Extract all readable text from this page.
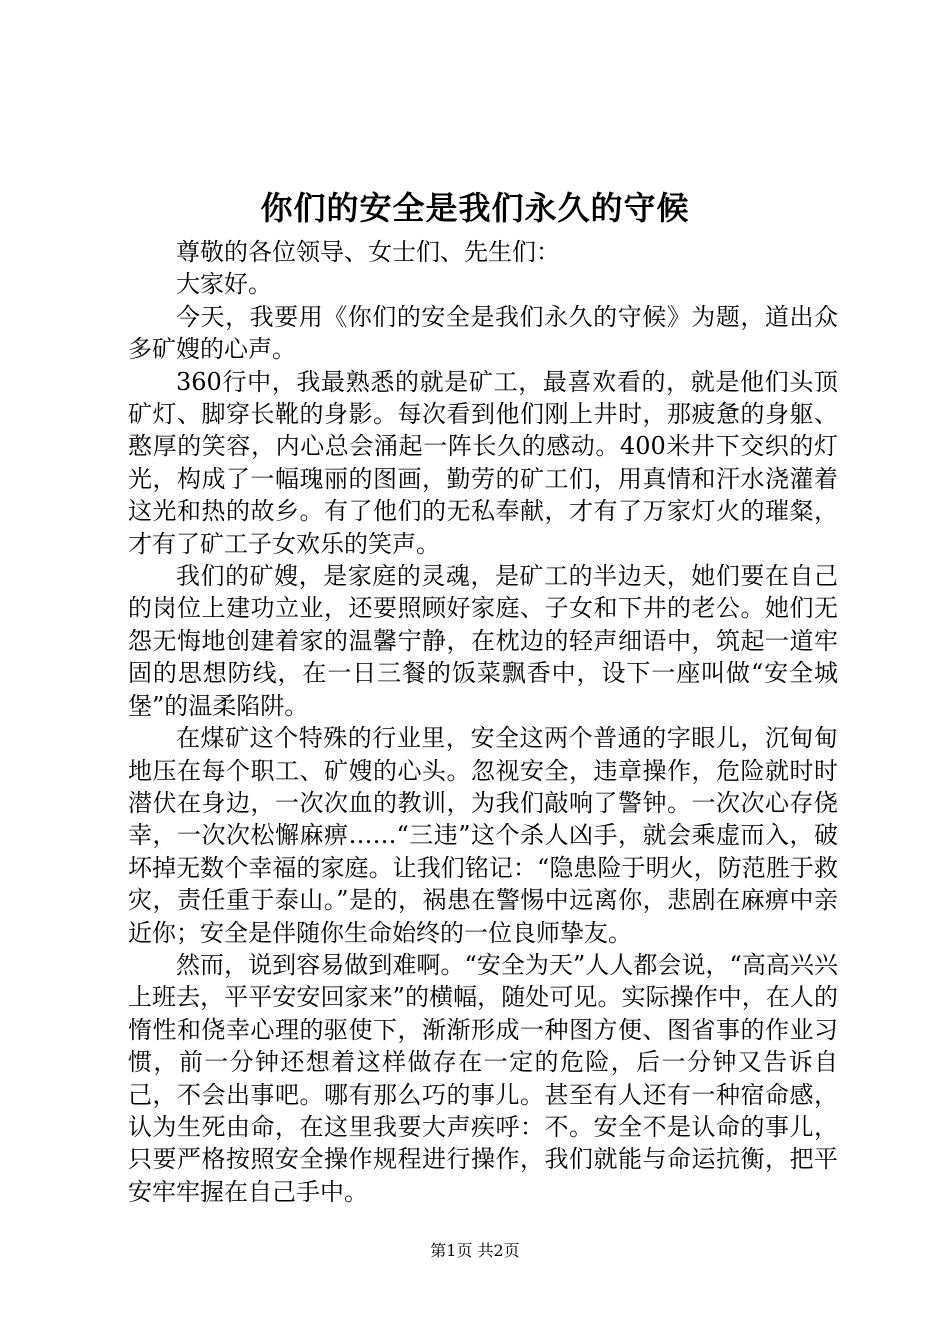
你们的安全是我们永久的守候

尊敬的各位领导、女士们、先生们：

大家好。

今天，我要用《你们的安全是我们永久的守候》为题，道出众多矿嫂的心声。

360行中，我最熟悉的就是矿工，最喜欢看的，就是他们头顶矿灯、脚穿长靴的身影。每次看到他们刚上井时，那疲惫的身躯、憨厚的笑容，内心总会涌起一阵长久的感动。400米井下交织的灯光，构成了一幅瑰丽的图画，勤劳的矿工们，用真情和汗水浇灌着这光和热的故乡。有了他们的无私奉献，才有了万家灯火的璀粲，才有了矿工子女欢乐的笑声。

我们的矿嫂，是家庭的灵魂，是矿工的半边天，她们要在自己的岗位上建功立业，还要照顾好家庭、子女和下井的老公。她们无怨无悔地创建着家的温馨宁静，在枕边的轻声细语中，筑起一道牢固的思想防线，在一日三餐的饭菜飘香中，设下一座叫做“安全城堡”的温柔陷阱。

在煤矿这个特殊的行业里，安全这两个普通的字眼儿，沉甸甸地压在每个职工、矿嫂的心头。忽视安全，违章操作，危险就时时潜伏在身边，一次次血的教训，为我们敲响了警钟。一次次心存侥幸，一次次松懈麻痹……“三违”这个杀人凶手，就会乘虚而入，破坏掉无数个幸福的家庭。让我们铭记：“隐患险于明火，防范胜于救灾，责任重于泰山。”是的，祸患在警惕中远离你，悲剧在麻痹中亲近你；安全是伴随你生命始终的一位良师挚友。

然而，说到容易做到难啊。“安全为天”人人都会说，“高高兴兴上班去，平平安安回家来”的横幅，随处可见。实际操作中，在人的惰性和侥幸心理的驱使下，渐渐形成一种图方便、图省事的作业习惯，前一分钟还想着这样做存在一定的危险，后一分钟又告诉自己，不会出事吧。哪有那么巧的事儿。甚至有人还有一种宿命感，认为生死由命，在这里我要大声疾呼：不。安全不是认命的事儿，只要严格按照安全操作规程进行操作，我们就能与命运抗衡，把平安牢牢握在自己手中。

第1页 共2页
